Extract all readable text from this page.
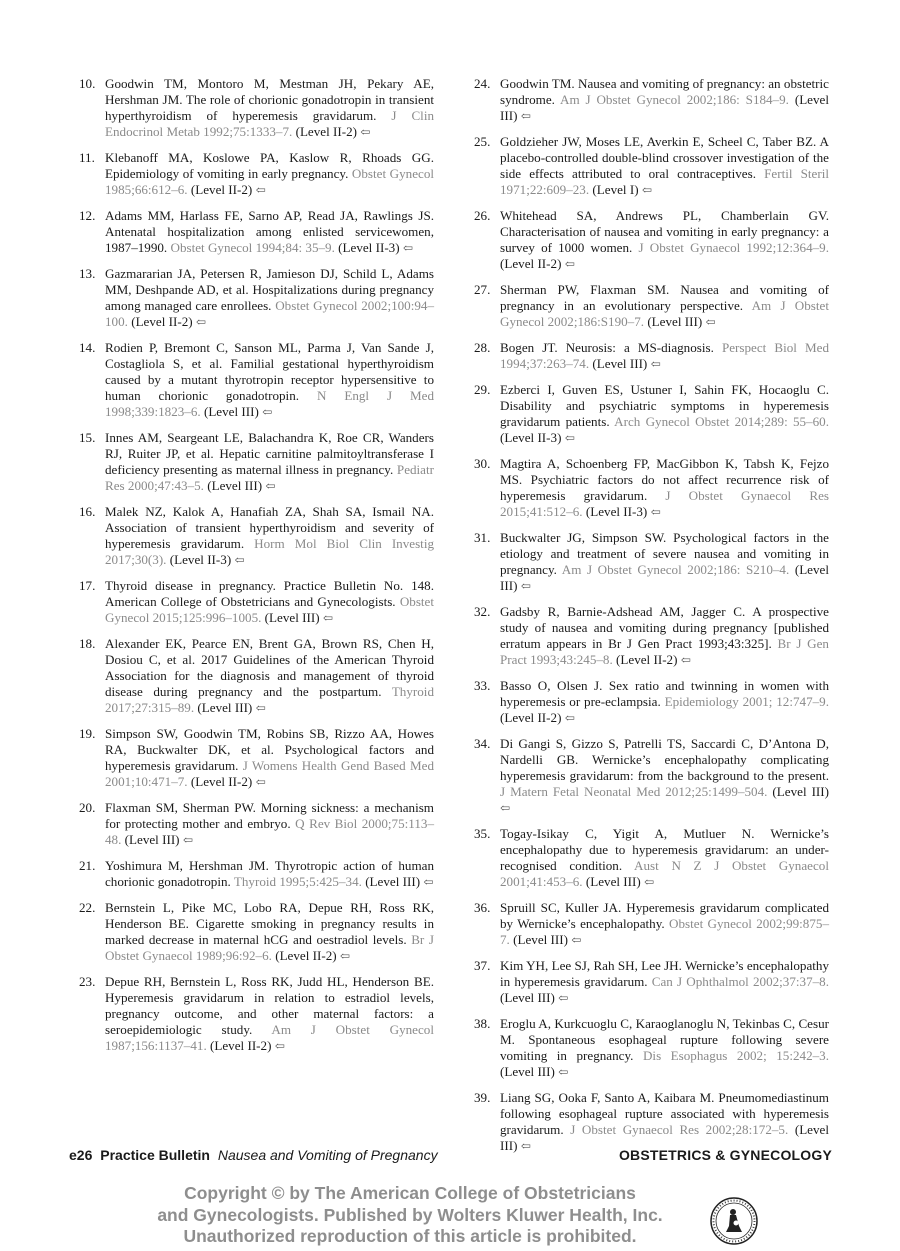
10. Goodwin TM, Montoro M, Mestman JH, Pekary AE, Hershman JM. The role of chorionic gonadotropin in transient hyperthyroidism of hyperemesis gravidarum. J Clin Endocrinol Metab 1992;75:1333–7. (Level II-2) ⇦
11. Klebanoff MA, Koslowe PA, Kaslow R, Rhoads GG. Epidemiology of vomiting in early pregnancy. Obstet Gynecol 1985;66:612–6. (Level II-2) ⇦
12. Adams MM, Harlass FE, Sarno AP, Read JA, Rawlings JS. Antenatal hospitalization among enlisted servicewomen, 1987–1990. Obstet Gynecol 1994;84: 35–9. (Level II-3) ⇦
13. Gazmararian JA, Petersen R, Jamieson DJ, Schild L, Adams MM, Deshpande AD, et al. Hospitalizations during pregnancy among managed care enrollees. Obstet Gynecol 2002;100:94–100. (Level II-2) ⇦
14. Rodien P, Bremont C, Sanson ML, Parma J, Van Sande J, Costagliola S, et al. Familial gestational hyperthyroidism caused by a mutant thyrotropin receptor hypersensitive to human chorionic gonadotropin. N Engl J Med 1998;339:1823–6. (Level III) ⇦
15. Innes AM, Seargeant LE, Balachandra K, Roe CR, Wanders RJ, Ruiter JP, et al. Hepatic carnitine palmitoyltransferase I deficiency presenting as maternal illness in pregnancy. Pediatr Res 2000;47:43–5. (Level III) ⇦
16. Malek NZ, Kalok A, Hanafiah ZA, Shah SA, Ismail NA. Association of transient hyperthyroidism and severity of hyperemesis gravidarum. Horm Mol Biol Clin Investig 2017;30(3). (Level II-3) ⇦
17. Thyroid disease in pregnancy. Practice Bulletin No. 148. American College of Obstetricians and Gynecologists. Obstet Gynecol 2015;125:996–1005. (Level III) ⇦
18. Alexander EK, Pearce EN, Brent GA, Brown RS, Chen H, Dosiou C, et al. 2017 Guidelines of the American Thyroid Association for the diagnosis and management of thyroid disease during pregnancy and the postpartum. Thyroid 2017;27:315–89. (Level III) ⇦
19. Simpson SW, Goodwin TM, Robins SB, Rizzo AA, Howes RA, Buckwalter DK, et al. Psychological factors and hyperemesis gravidarum. J Womens Health Gend Based Med 2001;10:471–7. (Level II-2) ⇦
20. Flaxman SM, Sherman PW. Morning sickness: a mechanism for protecting mother and embryo. Q Rev Biol 2000;75:113–48. (Level III) ⇦
21. Yoshimura M, Hershman JM. Thyrotropic action of human chorionic gonadotropin. Thyroid 1995;5:425–34. (Level III) ⇦
22. Bernstein L, Pike MC, Lobo RA, Depue RH, Ross RK, Henderson BE. Cigarette smoking in pregnancy results in marked decrease in maternal hCG and oestradiol levels. Br J Obstet Gynaecol 1989;96:92–6. (Level II-2) ⇦
23. Depue RH, Bernstein L, Ross RK, Judd HL, Henderson BE. Hyperemesis gravidarum in relation to estradiol levels, pregnancy outcome, and other maternal factors: a seroepidemiologic study. Am J Obstet Gynecol 1987;156:1137–41. (Level II-2) ⇦
24. Goodwin TM. Nausea and vomiting of pregnancy: an obstetric syndrome. Am J Obstet Gynecol 2002;186: S184–9. (Level III) ⇦
25. Goldzieher JW, Moses LE, Averkin E, Scheel C, Taber BZ. A placebo-controlled double-blind crossover investigation of the side effects attributed to oral contraceptives. Fertil Steril 1971;22:609–23. (Level I) ⇦
26. Whitehead SA, Andrews PL, Chamberlain GV. Characterisation of nausea and vomiting in early pregnancy: a survey of 1000 women. J Obstet Gynaecol 1992;12:364–9. (Level II-2) ⇦
27. Sherman PW, Flaxman SM. Nausea and vomiting of pregnancy in an evolutionary perspective. Am J Obstet Gynecol 2002;186:S190–7. (Level III) ⇦
28. Bogen JT. Neurosis: a MS-diagnosis. Perspect Biol Med 1994;37:263–74. (Level III) ⇦
29. Ezberci I, Guven ES, Ustuner I, Sahin FK, Hocaoglu C. Disability and psychiatric symptoms in hyperemesis gravidarum patients. Arch Gynecol Obstet 2014;289: 55–60. (Level II-3) ⇦
30. Magtira A, Schoenberg FP, MacGibbon K, Tabsh K, Fejzo MS. Psychiatric factors do not affect recurrence risk of hyperemesis gravidarum. J Obstet Gynaecol Res 2015;41:512–6. (Level II-3) ⇦
31. Buckwalter JG, Simpson SW. Psychological factors in the etiology and treatment of severe nausea and vomiting in pregnancy. Am J Obstet Gynecol 2002;186: S210–4. (Level III) ⇦
32. Gadsby R, Barnie-Adshead AM, Jagger C. A prospective study of nausea and vomiting during pregnancy [published erratum appears in Br J Gen Pract 1993;43:325]. Br J Gen Pract 1993;43:245–8. (Level II-2) ⇦
33. Basso O, Olsen J. Sex ratio and twinning in women with hyperemesis or pre-eclampsia. Epidemiology 2001; 12:747–9. (Level II-2) ⇦
34. Di Gangi S, Gizzo S, Patrelli TS, Saccardi C, D’Antona D, Nardelli GB. Wernicke’s encephalopathy complicating hyperemesis gravidarum: from the background to the present. J Matern Fetal Neonatal Med 2012;25:1499–504. (Level III) ⇦
35. Togay-Isikay C, Yigit A, Mutluer N. Wernicke’s encephalopathy due to hyperemesis gravidarum: an under-recognised condition. Aust N Z J Obstet Gynaecol 2001;41:453–6. (Level III) ⇦
36. Spruill SC, Kuller JA. Hyperemesis gravidarum complicated by Wernicke’s encephalopathy. Obstet Gynecol 2002;99:875–7. (Level III) ⇦
37. Kim YH, Lee SJ, Rah SH, Lee JH. Wernicke’s encephalopathy in hyperemesis gravidarum. Can J Ophthalmol 2002;37:37–8. (Level III) ⇦
38. Eroglu A, Kurkcuoglu C, Karaoglanoglu N, Tekinbas C, Cesur M. Spontaneous esophageal rupture following severe vomiting in pregnancy. Dis Esophagus 2002; 15:242–3. (Level III) ⇦
39. Liang SG, Ooka F, Santo A, Kaibara M. Pneumomediastinum following esophageal rupture associated with hyperemesis gravidarum. J Obstet Gynaecol Res 2002;28:172–5. (Level III) ⇦
e26 Practice Bulletin Nausea and Vomiting of Pregnancy	OBSTETRICS & GYNECOLOGY
Copyright © by The American College of Obstetricians
and Gynecologists. Published by Wolters Kluwer Health, Inc.
Unauthorized reproduction of this article is prohibited.
